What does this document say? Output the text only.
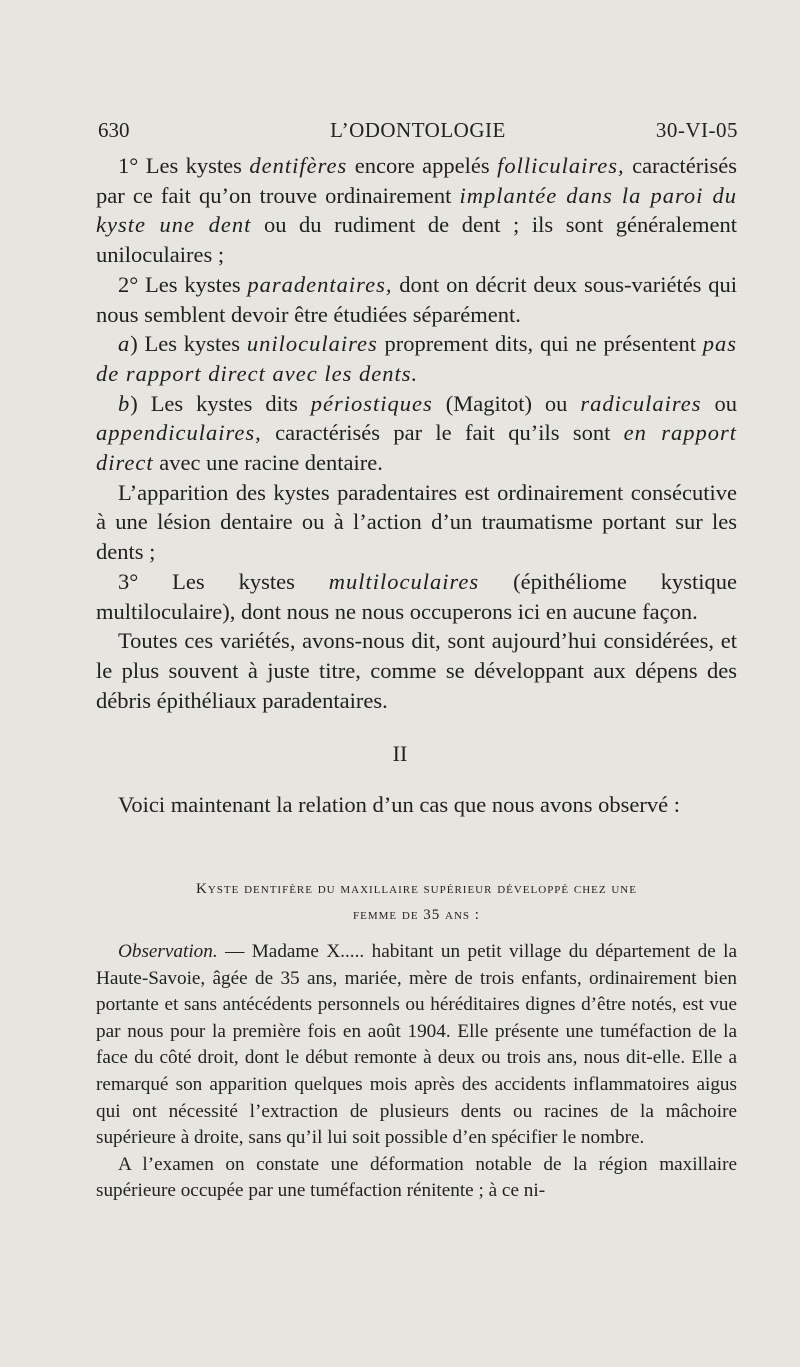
630	L’ODONTOLOGIE	30-VI-05

1° Les kystes dentifères encore appelés folliculaires, caractérisés par ce fait qu’on trouve ordinairement implantée dans la paroi du kyste une dent ou du rudiment de dent ; ils sont généralement uniloculaires ;

2° Les kystes paradentaires, dont on décrit deux sous-variétés qui nous semblent devoir être étudiées séparément.

a) Les kystes uniloculaires proprement dits, qui ne présentent pas de rapport direct avec les dents.

b) Les kystes dits périostiques (Magitot) ou radiculaires ou appendiculaires, caractérisés par le fait qu’ils sont en rapport direct avec une racine dentaire.

L’apparition des kystes paradentaires est ordinairement consécutive à une lésion dentaire ou à l’action d’un traumatisme portant sur les dents ;

3° Les kystes multiloculaires (épithéliome kystique multiloculaire), dont nous ne nous occuperons ici en aucune façon.

Toutes ces variétés, avons-nous dit, sont aujourd’hui considérées, et le plus souvent à juste titre, comme se développant aux dépens des débris épithéliaux paradentaires.

II

Voici maintenant la relation d’un cas que nous avons observé :

Kyste dentifère du maxillaire supérieur développé chez une
femme de 35 ans :

Observation. — Madame X..... habitant un petit village du département de la Haute-Savoie, âgée de 35 ans, mariée, mère de trois enfants, ordinairement bien portante et sans antécédents personnels ou héréditaires dignes d’être notés, est vue par nous pour la première fois en août 1904. Elle présente une tuméfaction de la face du côté droit, dont le début remonte à deux ou trois ans, nous dit-elle. Elle a remarqué son apparition quelques mois après des accidents inflammatoires aigus qui ont nécessité l’extraction de plusieurs dents ou racines de la mâchoire supérieure à droite, sans qu’il lui soit possible d’en spécifier le nombre.

A l’examen on constate une déformation notable de la région maxillaire supérieure occupée par une tuméfaction rénitente ; à ce ni-
